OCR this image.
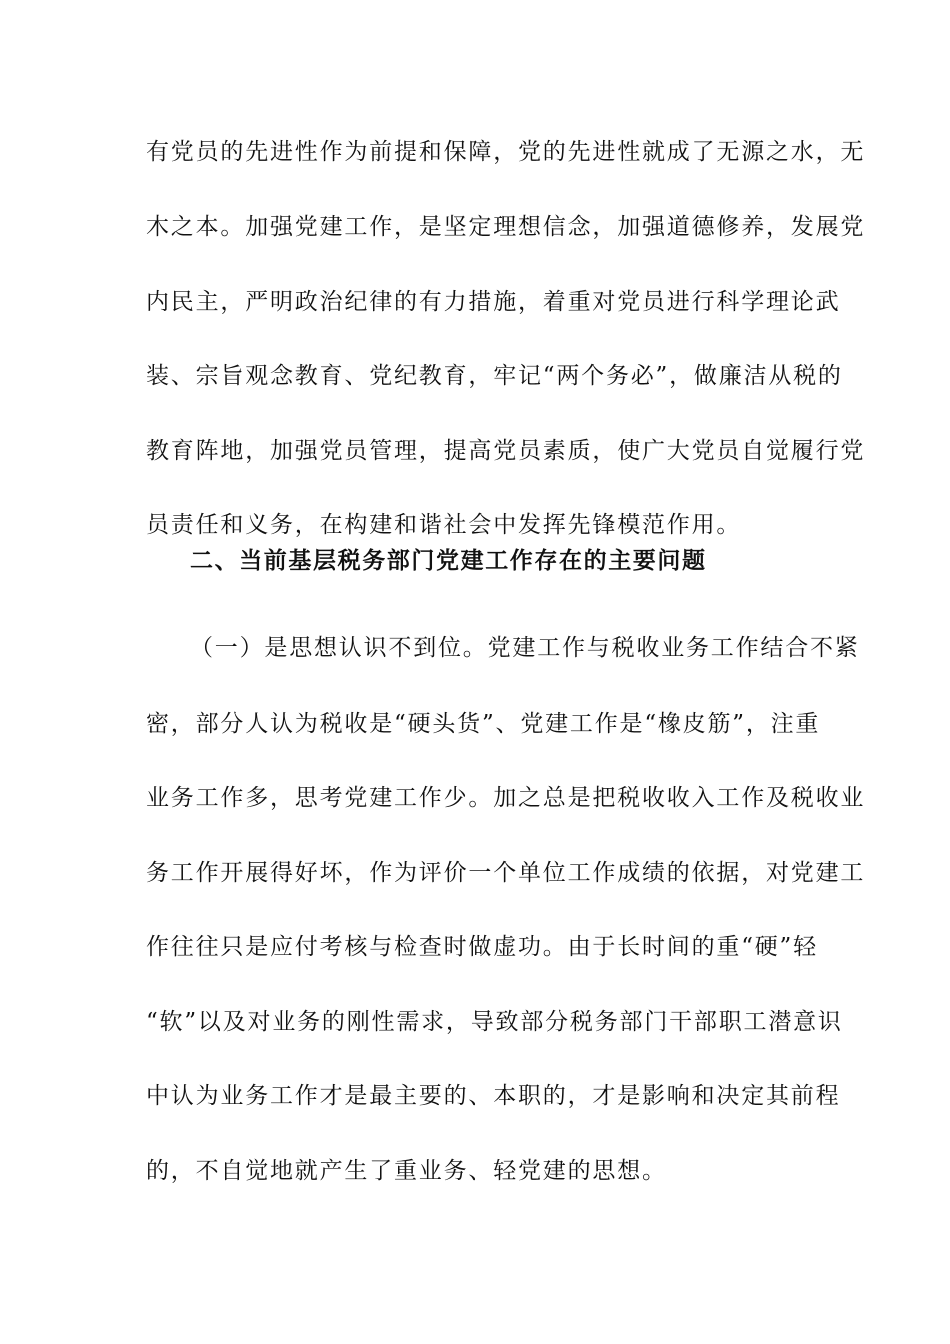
有党员的先进性作为前提和保障，党的先进性就成了无源之水，无
木之本。加强党建工作，是坚定理想信念，加强道德修养，发展党
内民主，严明政治纪律的有力措施，着重对党员进行科学理论武
装、宗旨观念教育、党纪教育，牢记“两个务必”，做廉洁从税的
教育阵地，加强党员管理，提高党员素质，使广大党员自觉履行党
员责任和义务，在构建和谐社会中发挥先锋模范作用。
二、当前基层税务部门党建工作存在的主要问题
（一）是思想认识不到位。党建工作与税收业务工作结合不紧
密，部分人认为税收是“硬头货”、党建工作是“橡皮筋”，注重
业务工作多，思考党建工作少。加之总是把税收收入工作及税收业
务工作开展得好坏，作为评价一个单位工作成绩的依据，对党建工
作往往只是应付考核与检查时做虚功。由于长时间的重“硬”轻
“软”以及对业务的刚性需求，导致部分税务部门干部职工潜意识
中认为业务工作才是最主要的、本职的，才是影响和决定其前程
的，不自觉地就产生了重业务、轻党建的思想。
